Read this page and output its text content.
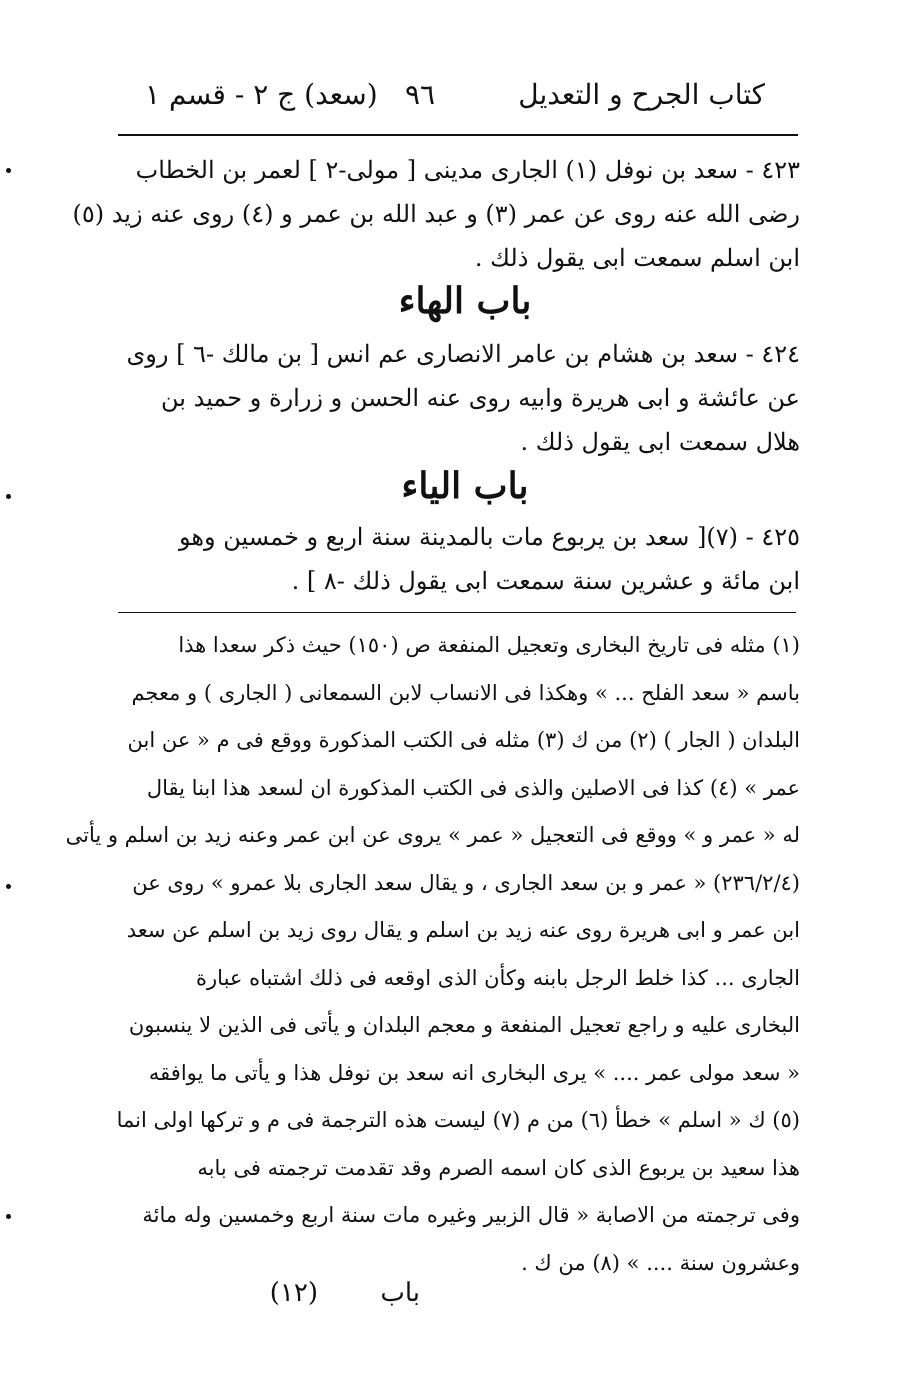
كتاب الجرح و التعديل
٩٦
(سعد) ج ٢ - قسم ١
٤٢٣ - سعد بن نوفل (١) الجارى مدينى [ مولى-٢ ] لعمر بن الخطاب
رضى الله عنه روى عن عمر (٣) و عبد الله بن عمر و (٤) روى عنه زيد (٥)
ابن اسلم سمعت ابى يقول ذلك .
باب الهاء
٤٢٤ - سعد بن هشام بن عامر الانصارى عم انس [ بن مالك -٦ ] روى
عن عائشة و ابى هريرة وابيه روى عنه الحسن و زرارة و حميد بن
هلال سمعت ابى يقول ذلك .
باب الياء
٤٢٥ - (٧)[ سعد بن يربوع مات بالمدينة سنة اربع و خمسين وهو
ابن مائة و عشرين سنة سمعت ابى يقول ذلك -٨ ] .
(١) مثله فى تاريخ البخارى وتعجيل المنفعة ص (١٥٠) حيث ذكر سعدا هذا
باسم « سعد الفلح ... » وهكذا فى الانساب لابن السمعانى ( الجارى ) و معجم
البلدان ( الجار ) (٢) من ك (٣) مثله فى الكتب المذكورة ووقع فى م « عن ابن
عمر » (٤) كذا فى الاصلين والذى فى الكتب المذكورة ان لسعد هذا ابنا يقال
له « عمر و » ووقع فى التعجيل « عمر » يروى عن ابن عمر وعنه زيد بن اسلم و يأتى
(٢٣٦/٢/٤) « عمر و بن سعد الجارى ، و يقال سعد الجارى بلا عمرو » روى عن
ابن عمر و ابى هريرة روى عنه زيد بن اسلم و يقال روى زيد بن اسلم عن سعد
الجارى ... كذا خلط الرجل بابنه وكأن الذى اوقعه فى ذلك اشتباه عبارة
البخارى عليه و راجع تعجيل المنفعة و معجم البلدان و يأتى فى الذين لا ينسبون
« سعد مولى عمر .... » يرى البخارى انه سعد بن نوفل هذا و يأتى ما يوافقه
(٥) ك « اسلم » خطأ (٦) من م (٧) ليست هذه الترجمة فى م و تركها اولى انما
هذا سعيد بن يربوع الذى كان اسمه الصرم وقد تقدمت ترجمته فى بابه
وفى ترجمته من الاصابة « قال الزبير وغيره مات سنة اربع وخمسين وله مائة
وعشرون سنة .... » (٨) من ك .
(١٢) باب
